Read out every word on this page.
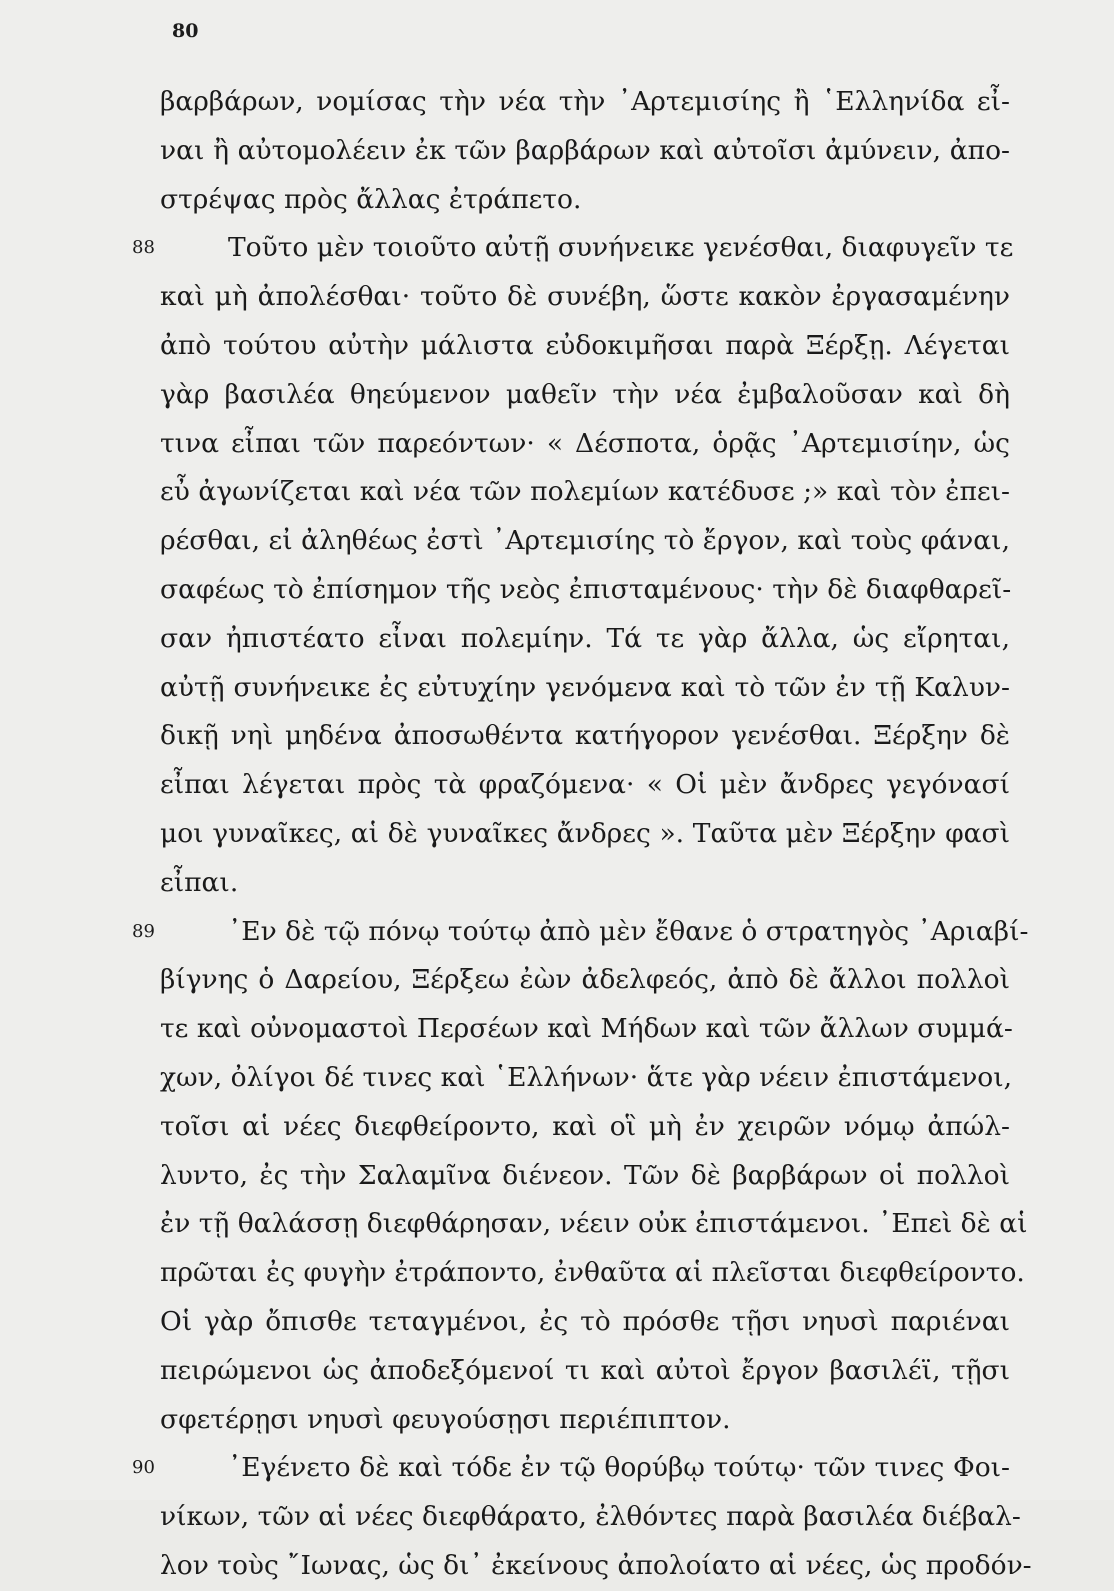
80
βαρβάρων, νομίσας τὴν νέα τὴν ᾿Αρτεμισίης ἢ ῾Ελληνίδα εἶ-
ναι ἢ αὐτομολέειν ἐκ τῶν βαρβάρων καὶ αὐτοῖσι ἀμύνειν, ἀπο-
στρέψας πρὸς ἄλλας ἐτράπετο.
88	Τοῦτο μὲν τοιοῦτο αὐτῇ συνήνεικε γενέσθαι, διαφυγεῖν τε
καὶ μὴ ἀπολέσθαι· τοῦτο δὲ συνέβη, ὥστε κακὸν ἐργασαμένην
ἀπὸ τούτου αὐτὴν μάλιστα εὐδοκιμῆσαι παρὰ Ξέρξῃ. Λέγεται
γὰρ βασιλέα θηεύμενον μαθεῖν τὴν νέα ἐμβαλοῦσαν καὶ δὴ
τινα εἶπαι τῶν παρεόντων· « Δέσποτα, ὁρᾷς ᾿Αρτεμισίην, ὡς
εὖ ἀγωνίζεται καὶ νέα τῶν πολεμίων κατέδυσε ;» καὶ τὸν ἐπει-
ρέσθαι, εἰ ἀληθέως ἐστὶ ᾿Αρτεμισίης τὸ ἔργον, καὶ τοὺς φάναι,
σαφέως τὸ ἐπίσημον τῆς νεὸς ἐπισταμένους· τὴν δὲ διαφθαρεῖ-
σαν ἠπιστέατο εἶναι πολεμίην. Τά τε γὰρ ἄλλα, ὡς εἴρηται,
αὐτῇ συνήνεικε ἐς εὐτυχίην γενόμενα καὶ τὸ τῶν ἐν τῇ Καλυν-
δικῇ νηὶ μηδένα ἀποσωθέντα κατήγορον γενέσθαι. Ξέρξην δὲ
εἶπαι λέγεται πρὸς τὰ φραζόμενα· « Οἱ μὲν ἄνδρες γεγόνασί
μοι γυναῖκες, αἱ δὲ γυναῖκες ἄνδρες ». Ταῦτα μὲν Ξέρξην φασὶ
εἶπαι.
89	᾿Εν δὲ τῷ πόνῳ τούτῳ ἀπὸ μὲν ἔθανε ὁ στρατηγὸς ᾿Αριαβί-
βίγνης ὁ Δαρείου, Ξέρξεω ἐὼν ἀδελφεός, ἀπὸ δὲ ἄλλοι πολλοὶ
τε καὶ οὐνομαστοὶ Περσέων καὶ Μήδων καὶ τῶν ἄλλων συμμά-
χων, ὀλίγοι δέ τινες καὶ ῾Ελλήνων· ἅτε γὰρ νέειν ἐπιστάμενοι,
τοῖσι αἱ νέες διεφθείροντο, καὶ οἳ μὴ ἐν χειρῶν νόμῳ ἀπώλ-
λυντο, ἐς τὴν Σαλαμῖνα διένεον. Τῶν δὲ βαρβάρων οἱ πολλοὶ
ἐν τῇ θαλάσσῃ διεφθάρησαν, νέειν οὐκ ἐπιστάμενοι. ᾿Επεὶ δὲ αἱ
πρῶται ἐς φυγὴν ἐτράποντο, ἐνθαῦτα αἱ πλεῖσται διεφθείροντο.
Οἱ γὰρ ὄπισθε τεταγμένοι, ἐς τὸ πρόσθε τῇσι νηυσὶ παριέναι
πειρώμενοι ὡς ἀποδεξόμενοί τι καὶ αὐτοὶ ἔργον βασιλέϊ, τῇσι
σφετέρῃσι νηυσὶ φευγούσῃσι περιέπιπτον.
90	᾿Εγένετο δὲ καὶ τόδε ἐν τῷ θορύβῳ τούτῳ· τῶν τινες Φοι-
νίκων, τῶν αἱ νέες διεφθάρατο, ἐλθόντες παρὰ βασιλέα διέβαλ-
λον τοὺς ῎Ιωνας, ὡς δι᾿ ἐκείνους ἀπολοίατο αἱ νέες, ὡς προδόν-
